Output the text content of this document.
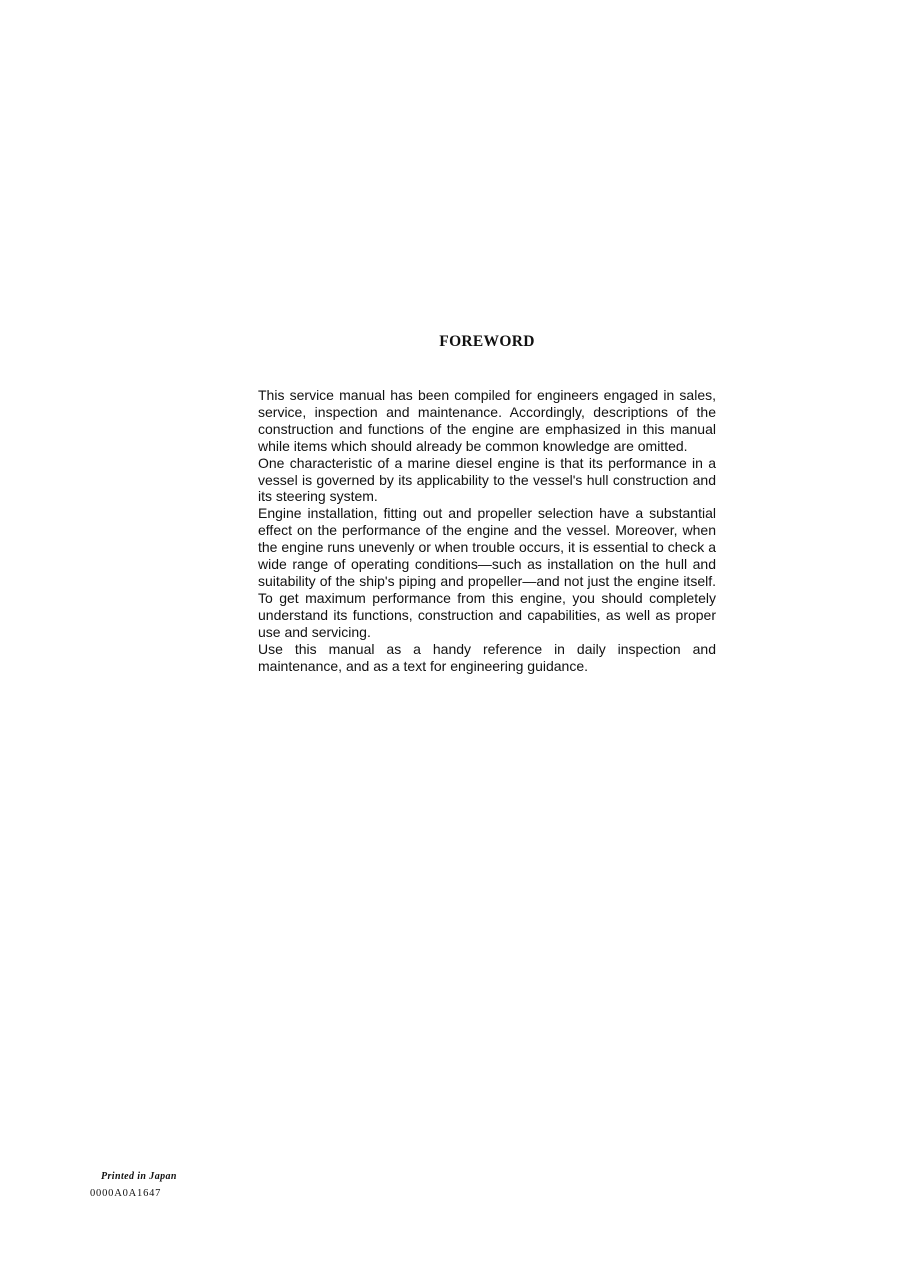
FOREWORD

This service manual has been compiled for engineers engaged in sales, service, inspection and maintenance. Accordingly, descriptions of the construction and functions of the engine are emphasized in this manual while items which should already be common knowledge are omitted.

One characteristic of a marine diesel engine is that its performance in a vessel is governed by its applicability to the vessel's hull construction and its steering system.

Engine installation, fitting out and propeller selection have a substantial effect on the performance of the engine and the vessel. Moreover, when the engine runs unevenly or when trouble occurs, it is essential to check a wide range of operating conditions—such as installation on the hull and suitability of the ship's piping and propeller—and not just the engine itself. To get maximum performance from this engine, you should completely understand its functions, construction and capabilities, as well as proper use and servicing.

Use this manual as a handy reference in daily inspection and maintenance, and as a text for engineering guidance.

Printed in Japan

0000A0A1647
